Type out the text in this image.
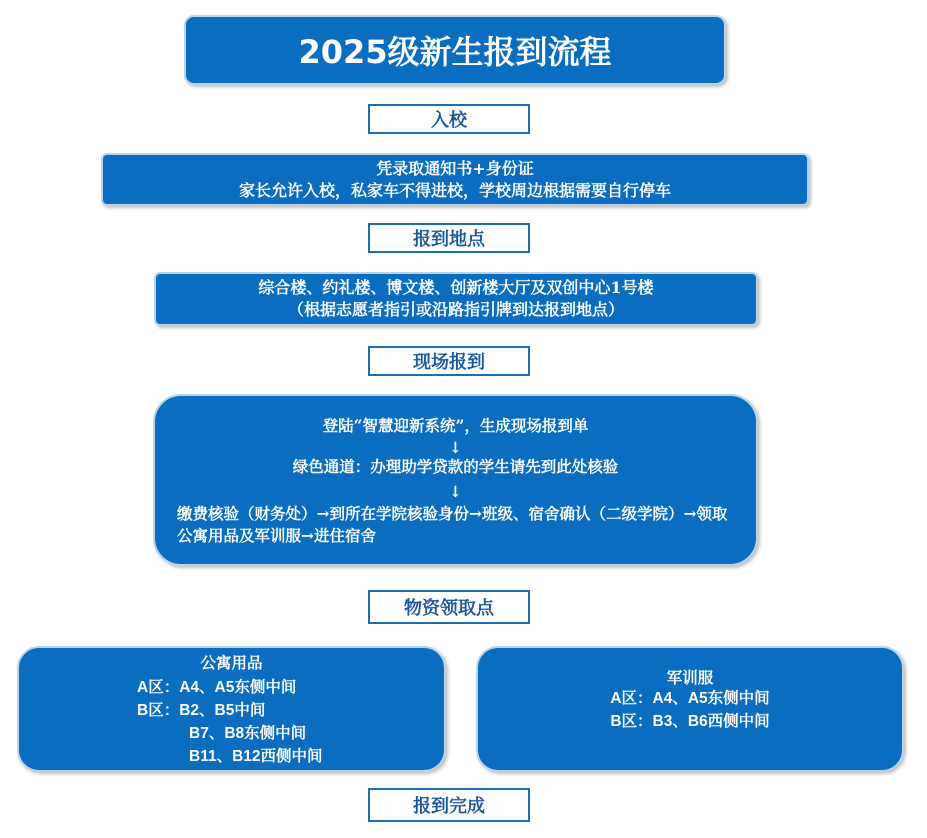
2025级新生报到流程
入校
凭录取通知书+身份证
家长允许入校，私家车不得进校，学校周边根据需要自行停车
报到地点
综合楼、约礼楼、博文楼、创新楼大厅及双创中心1号楼
（根据志愿者指引或沿路指引牌到达报到地点）
现场报到
登陆“智慧迎新系统”，生成现场报到单
↓
绿色通道：办理助学贷款的学生请先到此处核验
↓
缴费核验（财务处）→到所在学院核验身份→班级、宿舍确认（二级学院）→领取公寓用品及军训服→进住宿舍
物资领取点
公寓用品
A区：A4、A5东侧中间
B区：B2、B5中间
B7、B8东侧中间
B11、B12西侧中间
军训服
A区：A4、A5东侧中间
B区：B3、B6西侧中间
报到完成
